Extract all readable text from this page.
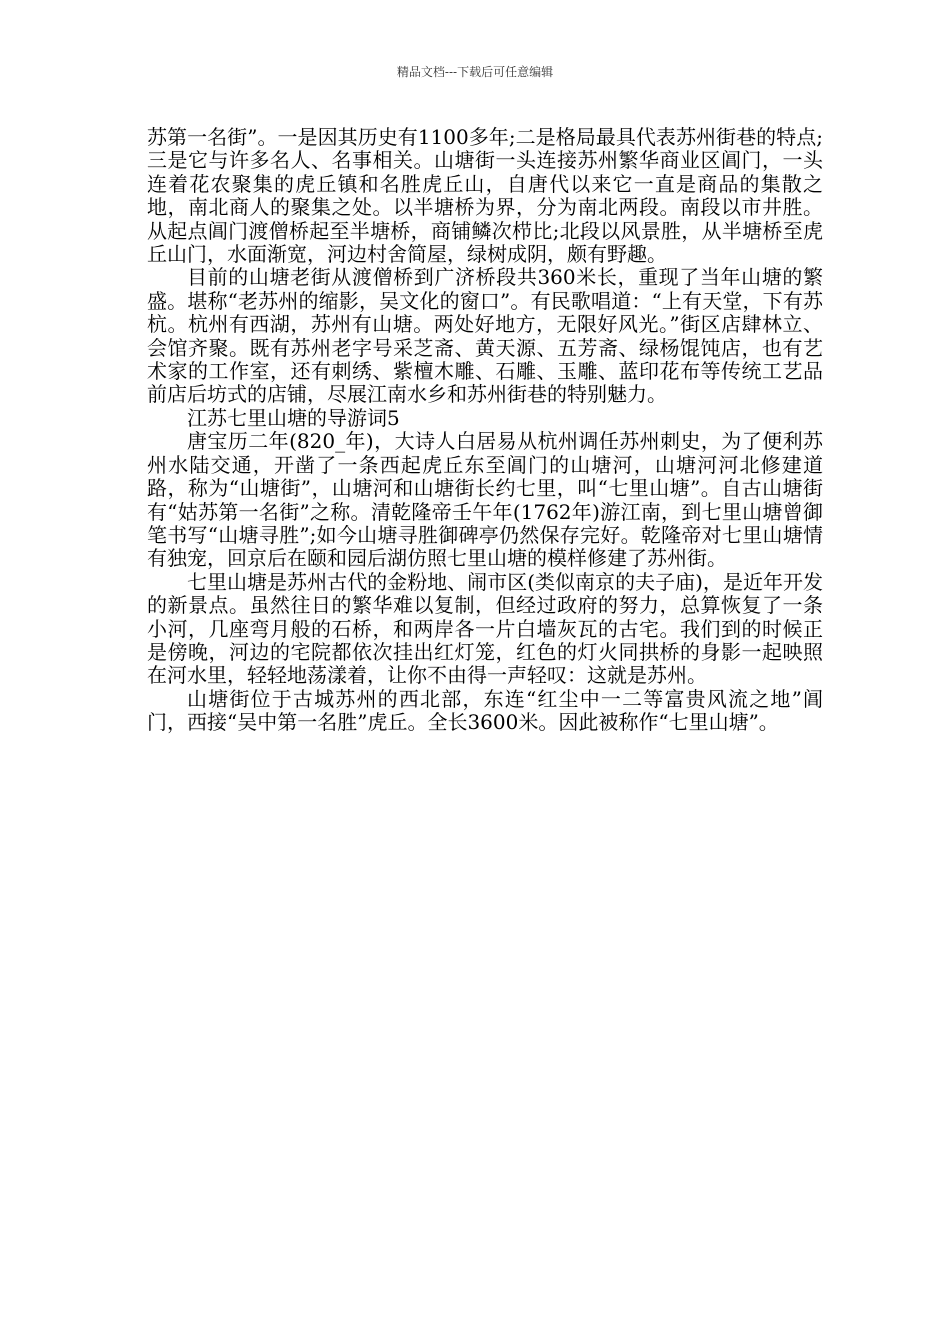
精品文档---下载后可任意编辑

苏第一名街”。一是因其历史有1100多年;二是格局最具代表苏州街巷的特点;三是它与许多名人、名事相关。山塘街一头连接苏州繁华商业区阊门，一头连着花农聚集的虎丘镇和名胜虎丘山，自唐代以来它一直是商品的集散之地，南北商人的聚集之处。以半塘桥为界，分为南北两段。南段以市井胜。从起点阊门渡僧桥起至半塘桥，商铺鳞次栉比;北段以风景胜，从半塘桥至虎丘山门，水面渐宽，河边村舍简屋，绿树成阴，颇有野趣。

目前的山塘老街从渡僧桥到广济桥段共360米长，重现了当年山塘的繁盛。堪称“老苏州的缩影，吴文化的窗口”。有民歌唱道：“上有天堂，下有苏杭。杭州有西湖，苏州有山塘。两处好地方，无限好风光。”街区店肆林立、会馆齐聚。既有苏州老字号采芝斋、黄天源、五芳斋、绿杨馄饨店，也有艺术家的工作室，还有刺绣、紫檀木雕、石雕、玉雕、蓝印花布等传统工艺品前店后坊式的店铺，尽展江南水乡和苏州街巷的特别魅力。

江苏七里山塘的导游词5

唐宝历二年(820_年)，大诗人白居易从杭州调任苏州刺史，为了便利苏州水陆交通，开凿了一条西起虎丘东至阊门的山塘河，山塘河河北修建道路，称为“山塘街”，山塘河和山塘街长约七里，叫“七里山塘”。自古山塘街有“姑苏第一名街”之称。清乾隆帝壬午年(1762年)游江南，到七里山塘曾御笔书写“山塘寻胜”;如今山塘寻胜御碑亭仍然保存完好。乾隆帝对七里山塘情有独宠，回京后在颐和园后湖仿照七里山塘的模样修建了苏州街。

七里山塘是苏州古代的金粉地、闹市区(类似南京的夫子庙)，是近年开发的新景点。虽然往日的繁华难以复制，但经过政府的努力，总算恢复了一条小河，几座弯月般的石桥，和两岸各一片白墙灰瓦的古宅。我们到的时候正是傍晚，河边的宅院都依次挂出红灯笼，红色的灯火同拱桥的身影一起映照在河水里，轻轻地荡漾着，让你不由得一声轻叹：这就是苏州。

山塘街位于古城苏州的西北部，东连“红尘中一二等富贵风流之地”阊门，西接“吴中第一名胜”虎丘。全长3600米。因此被称作“七里山塘”。
